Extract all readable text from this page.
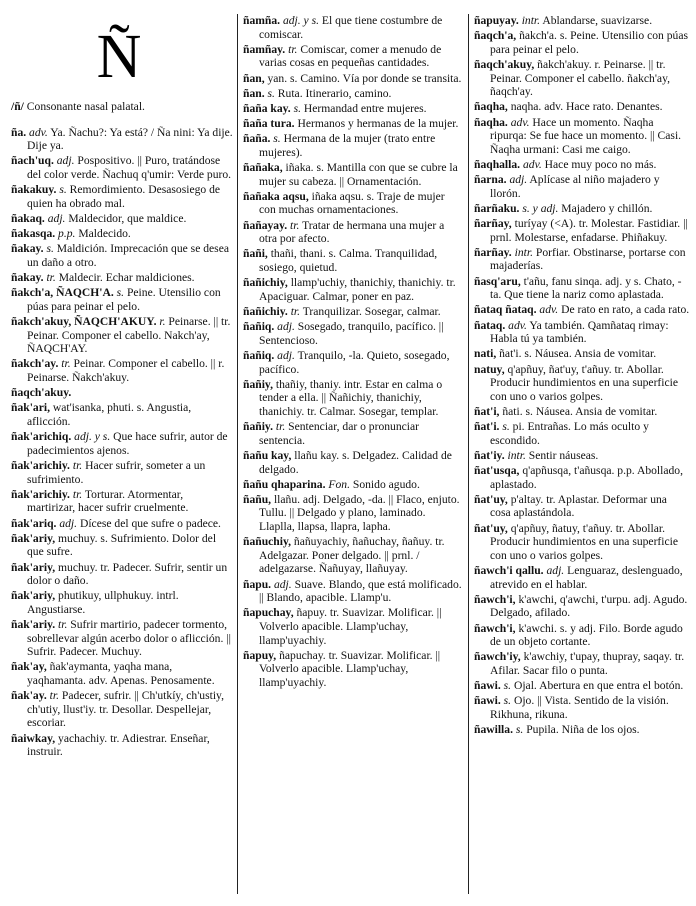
Ñ
/ñ/ Consonante nasal palatal.
ña. adv. Ya. Ñachu?: Ya está? / Ña nini: Ya dije. Dije ya.
ñach'uq. adj. Pospositivo. || Puro, tratándose del color verde. Ñachuq q'umir: Verde puro.
ñakakuy. s. Remordimiento. Desasosiego de quien ha obrado mal.
ñakaq. adj. Maldecidor, que maldice.
ñakasqa. p.p. Maldecido.
ñakay. s. Maldición. Imprecación que se desea un daño a otro.
ñakay. tr. Maldecir. Echar maldiciones.
ñakch'a, ÑAQCH'A. s. Peine. Utensilio con púas para peinar el pelo.
ñakch'akuy, ÑAQCH'AKUY. r. Peinarse. || tr. Peinar. Componer el cabello. Nakch'ay, ÑAQCH'AY.
ñakch'ay. tr. Peinar. Componer el cabello. || r. Peinarse. Ñakch'akuy.
ñaqch'akuy.
ñak'ari, wat'isanka, phuti. s. Angustia, aflicción.
ñak'arichiq. adj. y s. Que hace sufrir, autor de padecimientos ajenos.
ñak'arichiy. tr. Hacer sufrir, someter a un sufrimiento.
ñak'arichiy. tr. Torturar. Atormentar, martirizar, hacer sufrir cruelmente.
ñak'ariq. adj. Dícese del que sufre o padece.
ñak'ariy, muchuy. s. Sufrimiento. Dolor del que sufre.
ñak'ariy, muchuy. tr. Padecer. Sufrir, sentir un dolor o daño.
ñak'ariy, phutikuy, ullphukuy. intrl. Angustiarse.
ñak'ariy. tr. Sufrir martirio, padecer tormento, sobrellevar algún acerbo dolor o aflicción. || Sufrir. Padecer. Muchuy.
ñak'ay, ñak'aymanta, yaqha mana, yaqhamanta. adv. Apenas. Penosamente.
ñak'ay. tr. Padecer, sufrir. || Ch'utkíy, ch'ustiy, ch'utiy, llust'iy. tr. Desollar. Despellejar, escoriar.
ñaiwkay, yachachiy. tr. Adiestrar. Enseñar, instruir.
ñamña. adj. y s. El que tiene costumbre de comiscar.
ñamñay. tr. Comiscar, comer a menudo de varias cosas en pequeñas cantidades.
ñan, yan. s. Camino. Vía por donde se transita.
ñan. s. Ruta. Itinerario, camino.
ñaña kay. s. Hermandad entre mujeres.
ñaña tura. Hermanos y hermanas de la mujer.
ñaña. s. Hermana de la mujer (trato entre mujeres).
ñañaka, iñaka. s. Mantilla con que se cubre la mujer su cabeza. || Ornamentación.
ñañaka aqsu, iñaka aqsu. s. Traje de mujer con muchas ornamentaciones.
ñañayay. tr. Tratar de hermana una mujer a otra por afecto.
ñañi, thañi, thani. s. Calma. Tranquilidad, sosiego, quietud.
ñañichiy, llamp'uchiy, thanichiy, thanichiy. tr. Apaciguar. Calmar, poner en paz.
ñañichiy. tr. Tranquilizar. Sosegar, calmar.
ñañiq. adj. Sosegado, tranquilo, pacífico. || Sentencioso.
ñañiq. adj. Tranquilo, -la. Quieto, sosegado, pacífico.
ñañiy, thañiy, thaniy. intr. Estar en calma o tender a ella. || Ñañichiy, thanichiy, thanichiy. tr. Calmar. Sosegar, templar.
ñañiy. tr. Sentenciar, dar o pronunciar sentencia.
ñañu kay, llañu kay. s. Delgadez. Calidad de delgado.
ñañu qhaparina. Fon. Sonido agudo.
ñañu, llañu. adj. Delgado, -da. || Flaco, enjuto. Tullu. || Delgado y plano, laminado. Llaplla, llapsa, llapra, lapha.
ñañuchiy, ñañuyachiy, ñañuchay, ñañuy. tr. Adelgazar. Poner delgado. || prnl. / adelgazarse. Ñañuyay, llañuyay.
ñapu. adj. Suave. Blando, que está molificado. || Blando, apacible. Llamp'u.
ñapuchay, ñapuy. tr. Suavizar. Molificar. || Volverlo apacible. Llamp'uchay, llamp'uyachiy.
ñapuy, ñapuchay. tr. Suavizar. Molificar. || Volverlo apacible. Llamp'uchay, llamp'uyachiy.
ñapuyay. intr. Ablandarse, suavizarse.
ñaqch'a, ñakch'a. s. Peine. Utensilio con púas para peinar el pelo.
ñaqch'akuy, ñakch'akuy. r. Peinarse. || tr. Peinar. Componer el cabello. ñakch'ay, ñaqch'ay.
ñaqha, naqha. adv. Hace rato. Denantes.
ñaqha. adv. Hace un momento. Ñaqha ripurqa: Se fue hace un momento. || Casi. Ñaqha urmani: Casi me caigo.
ñaqhalla. adv. Hace muy poco no más.
ñarna. adj. Aplícase al niño majadero y llorón.
ñarñaku. s. y adj. Majadero y chillón.
ñarñay, turíyay (<A). tr. Molestar. Fastidiar. || prnl. Molestarse, enfadarse. Phiñakuy.
ñarñay. intr. Porfiar. Obstinarse, portarse con majaderías.
ñasq'aru, t'añu, fanu sinqa. adj. y s. Chato, -ta. Que tiene la nariz como aplastada.
ñataq ñataq. adv. De rato en rato, a cada rato.
ñataq. adv. Ya también. Qamñataq rimay: Habla tú ya también.
nati, ñat'i. s. Náusea. Ansia de vomitar.
natuy, q'apñuy, ñat'uy, t'añuy. tr. Abollar. Producir hundimientos en una superficie con uno o varios golpes.
ñat'i, ñati. s. Náusea. Ansia de vomitar.
ñat'i. s. pi. Entrañas. Lo más oculto y escondido.
ñat'iy. intr. Sentir náuseas.
ñat'usqa, q'apñusqa, t'añusqa. p.p. Abollado, aplastado.
ñat'uy, p'altay. tr. Aplastar. Deformar una cosa aplastándola.
ñat'uy, q'apñuy, ñatuy, t'añuy. tr. Abollar. Producir hundimientos en una superficie con uno o varios golpes.
ñawch'i qallu. adj. Lenguaraz, deslenguado, atrevido en el hablar.
ñawch'i, k'awchi, q'awchi, t'urpu. adj. Agudo. Delgado, afilado.
ñawch'i, k'awchi. s. y adj. Filo. Borde agudo de un objeto cortante.
ñawch'iy, k'awchiy, t'upay, thupray, saqay. tr. Afilar. Sacar filo o punta.
ñawi. s. Ojal. Abertura en que entra el botón.
ñawi. s. Ojo. || Vista. Sentido de la visión. Rikhuna, rikuna.
ñawilla. s. Pupila. Niña de los ojos.
